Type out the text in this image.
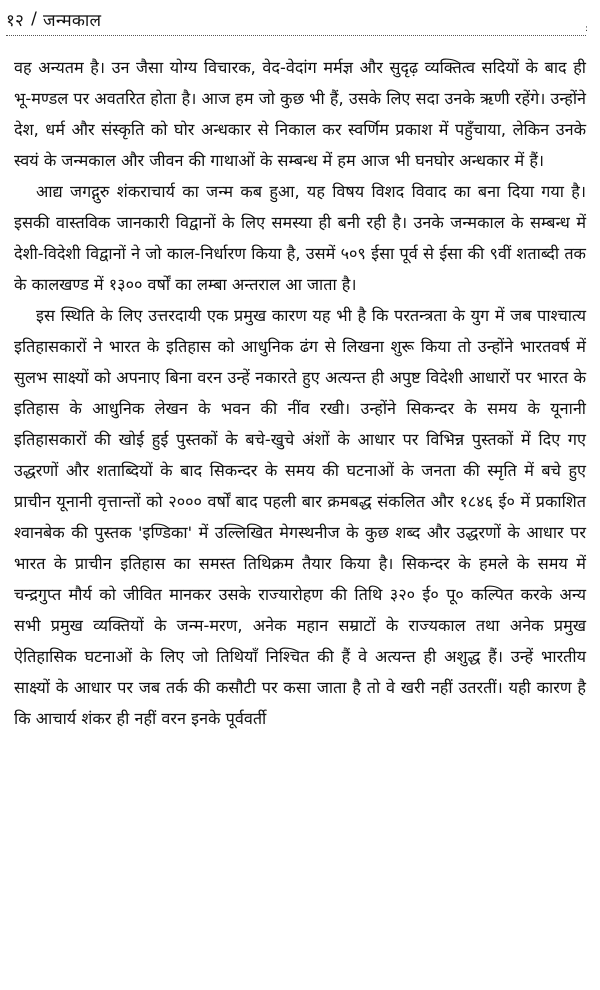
१२ / जन्मकाल	:

वह अन्यतम है। उन जैसा योग्य विचारक, वेद-वेदांग मर्मज्ञ और सुदृढ़ व्यक्तित्व सदियों के बाद ही भू-मण्डल पर अवतरित होता है। आज हम जो कुछ भी हैं, उसके लिए सदा उनके ऋणी रहेंगे। उन्होंने देश, धर्म और संस्कृति को घोर अन्धकार से निकाल कर स्वर्णिम प्रकाश में पहुँचाया, लेकिन उनके स्वयं के जन्मकाल और जीवन की गाथाओं के सम्बन्ध में हम आज भी घनघोर अन्धकार में हैं।

आद्य जगद्गुरु शंकराचार्य का जन्म कब हुआ, यह विषय विशद विवाद का बना दिया गया है। इसकी वास्तविक जानकारी विद्वानों के लिए समस्या ही बनी रही है। उनके जन्मकाल के सम्बन्ध में देशी-विदेशी विद्वानों ने जो काल-निर्धारण किया है, उसमें ५०९ ईसा पूर्व से ईसा की ९वीं शताब्दी तक के कालखण्ड में १३०० वर्षों का लम्बा अन्तराल आ जाता है।

इस स्थिति के लिए उत्तरदायी एक प्रमुख कारण यह भी है कि परतन्त्रता के युग में जब पाश्चात्य इतिहासकारों ने भारत के इतिहास को आधुनिक ढंग से लिखना शुरू किया तो उन्होंने भारतवर्ष में सुलभ साक्ष्यों को अपनाए बिना वरन उन्हें नकारते हुए अत्यन्त ही अपुष्ट विदेशी आधारों पर भारत के इतिहास के आधुनिक लेखन के भवन की नींव रखी। उन्होंने सिकन्दर के समय के यूनानी इतिहासकारों की खोई हुई पुस्तकों के बचे-खुचे अंशों के आधार पर विभिन्न पुस्तकों में दिए गए उद्धरणों और शताब्दियों के बाद सिकन्दर के समय की घटनाओं के जनता की स्मृति में बचे हुए प्राचीन यूनानी वृत्तान्तों को २००० वर्षों बाद पहली बार क्रमबद्ध संकलित और १८४६ ई० में प्रकाशित श्वानबेक की पुस्तक 'इण्डिका' में उल्लिखित मेगस्थनीज के कुछ शब्द और उद्धरणों के आधार पर भारत के प्राचीन इतिहास का समस्त तिथिक्रम तैयार किया है। सिकन्दर के हमले के समय में चन्द्रगुप्त मौर्य को जीवित मानकर उसके राज्यारोहण की तिथि ३२० ई० पू० कल्पित करके अन्य सभी प्रमुख व्यक्तियों के जन्म-मरण, अनेक महान सम्राटों के राज्यकाल तथा अनेक प्रमुख ऐतिहासिक घटनाओं के लिए जो तिथियाँ निश्चित की हैं वे अत्यन्त ही अशुद्ध हैं। उन्हें भारतीय साक्ष्यों के आधार पर जब तर्क की कसौटी पर कसा जाता है तो वे खरी नहीं उतरतीं। यही कारण है कि आचार्य शंकर ही नहीं वरन इनके पूर्ववर्ती
